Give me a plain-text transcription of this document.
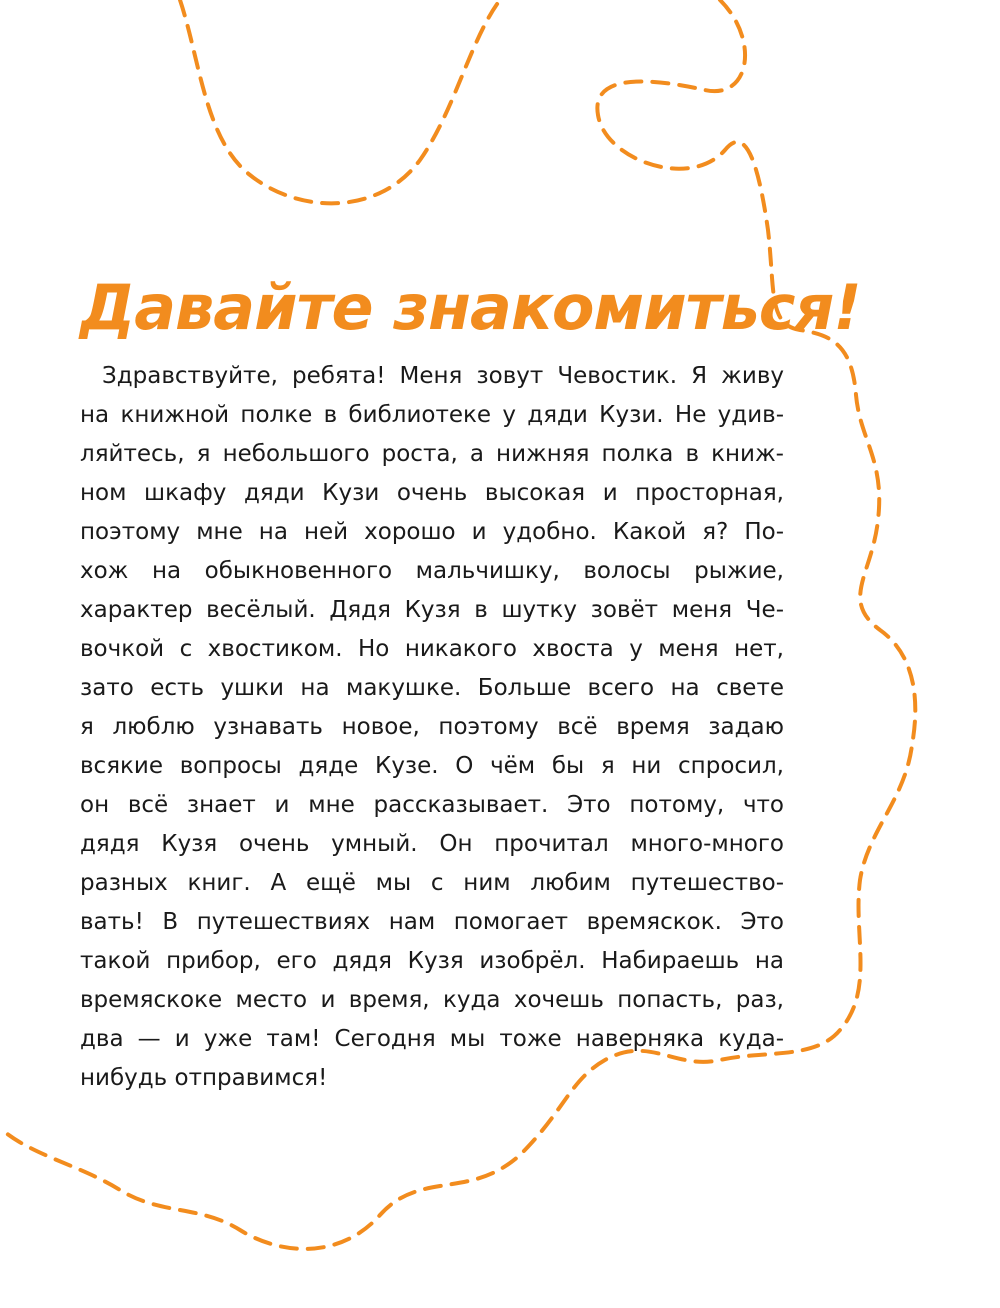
Давайте знакомиться!
Здравствуйте, ребята! Меня зовут Чевостик. Я живу
на книжной полке в библиотеке у дяди Кузи. Не удив-
ляйтесь, я небольшого роста, а нижняя полка в книж-
ном шкафу дяди Кузи очень высокая и просторная,
поэтому мне на ней хорошо и удобно. Какой я? По-
хож на обыкновенного мальчишку, волосы рыжие,
характер весёлый. Дядя Кузя в шутку зовёт меня Че-
вочкой с хвостиком. Но никакого хвоста у меня нет,
зато есть ушки на макушке. Больше всего на свете
я люблю узнавать новое, поэтому всё время задаю
всякие вопросы дяде Кузе. О чём бы я ни спросил,
он всё знает и мне рассказывает. Это потому, что
дядя Кузя очень умный. Он прочитал много-много
разных книг. А ещё мы с ним любим путешество-
вать! В путешествиях нам помогает времяскок. Это
такой прибор, его дядя Кузя изобрёл. Набираешь на
времяскоке место и время, куда хочешь попасть, раз,
два — и уже там! Сегодня мы тоже наверняка куда-
нибудь отправимся!
